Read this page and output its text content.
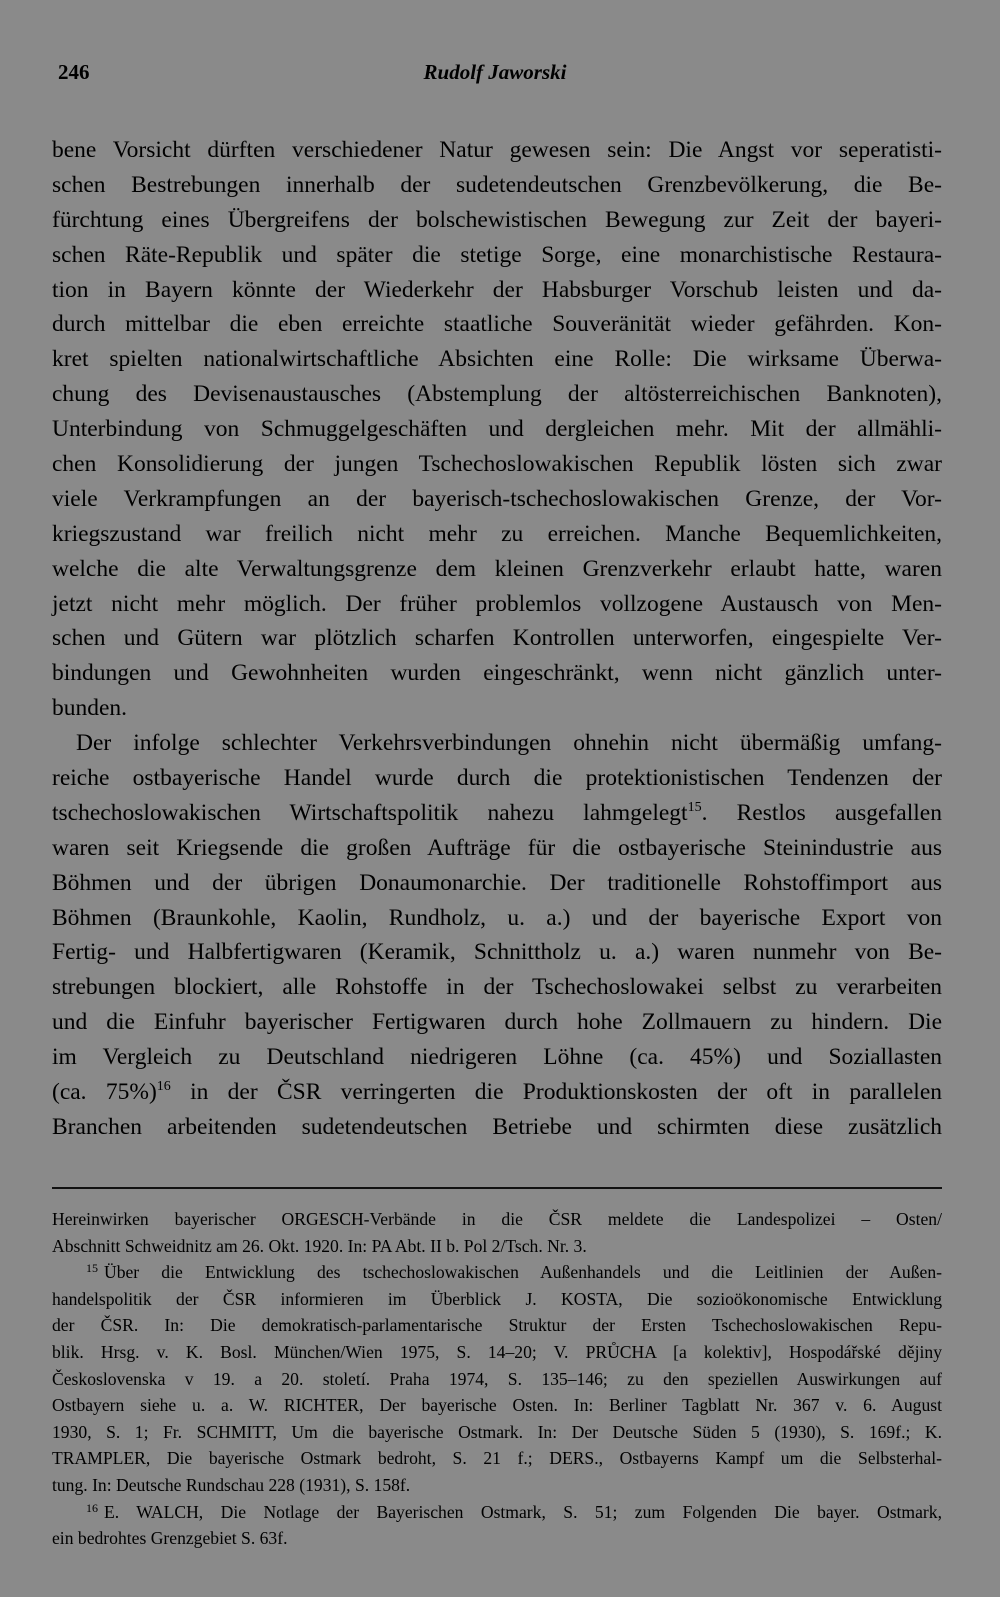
246	Rudolf Jaworski
bene Vorsicht dürften verschiedener Natur gewesen sein: Die Angst vor seperatisti-
schen Bestrebungen innerhalb der sudetendeutschen Grenzbevölkerung, die Be-
fürchtung eines Übergreifens der bolschewistischen Bewegung zur Zeit der bayeri-
schen Räte-Republik und später die stetige Sorge, eine monarchistische Restaura-
tion in Bayern könnte der Wiederkehr der Habsburger Vorschub leisten und da-
durch mittelbar die eben erreichte staatliche Souveränität wieder gefährden. Kon-
kret spielten nationalwirtschaftliche Absichten eine Rolle: Die wirksame Überwa-
chung des Devisenaustausches (Abstemplung der altösterreichischen Banknoten),
Unterbindung von Schmuggelgeschäften und dergleichen mehr. Mit der allmähli-
chen Konsolidierung der jungen Tschechoslowakischen Republik lösten sich zwar
viele Verkrampfungen an der bayerisch-tschechoslowakischen Grenze, der Vor-
kriegszustand war freilich nicht mehr zu erreichen. Manche Bequemlichkeiten,
welche die alte Verwaltungsgrenze dem kleinen Grenzverkehr erlaubt hatte, waren
jetzt nicht mehr möglich. Der früher problemlos vollzogene Austausch von Men-
schen und Gütern war plötzlich scharfen Kontrollen unterworfen, eingespielte Ver-
bindungen und Gewohnheiten wurden eingeschränkt, wenn nicht gänzlich unter-
bunden.
Der infolge schlechter Verkehrsverbindungen ohnehin nicht übermäßig umfang-
reiche ostbayerische Handel wurde durch die protektionistischen Tendenzen der
tschechoslowakischen Wirtschaftspolitik nahezu lahmgelegt$^{15}$. Restlos ausgefallen
waren seit Kriegsende die großen Aufträge für die ostbayerische Steinindustrie aus
Böhmen und der übrigen Donaumonarchie. Der traditionelle Rohstoffimport aus
Böhmen (Braunkohle, Kaolin, Rundholz, u. a.) und der bayerische Export von
Fertig- und Halbfertigwaren (Keramik, Schnittholz u. a.) waren nunmehr von Be-
strebungen blockiert, alle Rohstoffe in der Tschechoslowakei selbst zu verarbeiten
und die Einfuhr bayerischer Fertigwaren durch hohe Zollmauern zu hindern. Die
im Vergleich zu Deutschland niedrigeren Löhne (ca. 45%) und Soziallasten
(ca. 75%)$^{16}$ in der ČSR verringerten die Produktionskosten der oft in parallelen
Branchen arbeitenden sudetendeutschen Betriebe und schirmten diese zusätzlich
Hereinwirken bayerischer ORGESCH-Verbände in die ČSR meldete die Landespolizei – Osten/
Abschnitt Schweidnitz am 26. Okt. 1920. In: PA Abt. II b. Pol 2/Tsch. Nr. 3.
$^{15}$ Über die Entwicklung des tschechoslowakischen Außenhandels und die Leitlinien der Außen-
handelspolitik der ČSR informieren im Überblick J. KOSTA, Die sozioökonomische Entwicklung
der ČSR. In: Die demokratisch-parlamentarische Struktur der Ersten Tschechoslowakischen Repu-
blik. Hrsg. v. K. Bosl. München/Wien 1975, S. 14–20; V. PRŮCHA [a kolektiv], Hospodářské dějiny
Československa v 19. a 20. století. Praha 1974, S. 135–146; zu den speziellen Auswirkungen auf
Ostbayern siehe u. a. W. RICHTER, Der bayerische Osten. In: Berliner Tagblatt Nr. 367 v. 6. August
1930, S. 1; Fr. SCHMITT, Um die bayerische Ostmark. In: Der Deutsche Süden 5 (1930), S. 169f.; K.
TRAMPLER, Die bayerische Ostmark bedroht, S. 21 f.; DERS., Ostbayerns Kampf um die Selbsterhal-
tung. In: Deutsche Rundschau 228 (1931), S. 158f.
$^{16}$ E. WALCH, Die Notlage der Bayerischen Ostmark, S. 51; zum Folgenden Die bayer. Ostmark,
ein bedrohtes Grenzgebiet S. 63f.
